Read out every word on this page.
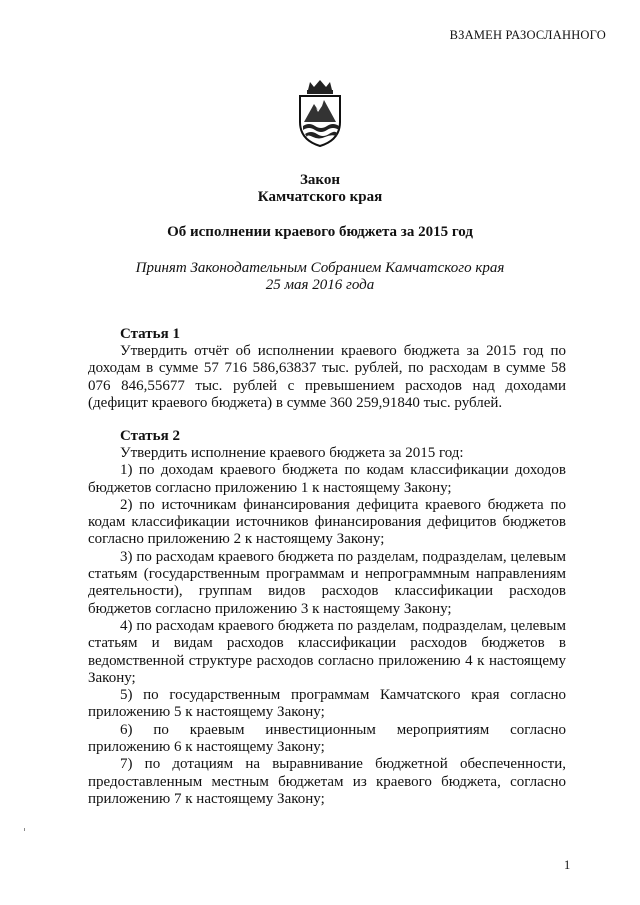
ВЗАМЕН РАЗОСЛАННОГО
Закон
Камчатского края
Об исполнении краевого бюджета за 2015 год
Принят Законодательным Собранием Камчатского края
25 мая 2016 года
Статья 1

Утвердить отчёт об исполнении краевого бюджета за 2015 год по доходам в сумме 57 716 586,63837 тыс. рублей, по расходам в сумме 58 076 846,55677 тыс. рублей с превышением расходов над доходами (дефицит краевого бюджета) в сумме 360 259,91840 тыс. рублей.

Статья 2

Утвердить исполнение краевого бюджета за 2015 год:

1) по доходам краевого бюджета по кодам классификации доходов бюджетов согласно приложению 1 к настоящему Закону;

2) по источникам финансирования дефицита краевого бюджета по кодам классификации источников финансирования дефицитов бюджетов согласно приложению 2 к настоящему Закону;

3) по расходам краевого бюджета по разделам, подразделам, целевым статьям (государственным программам и непрограммным направлениям деятельности), группам видов расходов классификации расходов бюджетов согласно приложению 3 к настоящему Закону;

4) по расходам краевого бюджета по разделам, подразделам, целевым статьям и видам расходов классификации расходов бюджетов в ведомственной структуре расходов согласно приложению 4 к настоящему Закону;

5) по государственным программам Камчатского края согласно приложению 5 к настоящему Закону;

6) по краевым инвестиционным мероприятиям согласно приложению 6 к настоящему Закону;

7) по дотациям на выравнивание бюджетной обеспеченности, предоставленным местным бюджетам из краевого бюджета, согласно приложению 7 к настоящему Закону;

1
